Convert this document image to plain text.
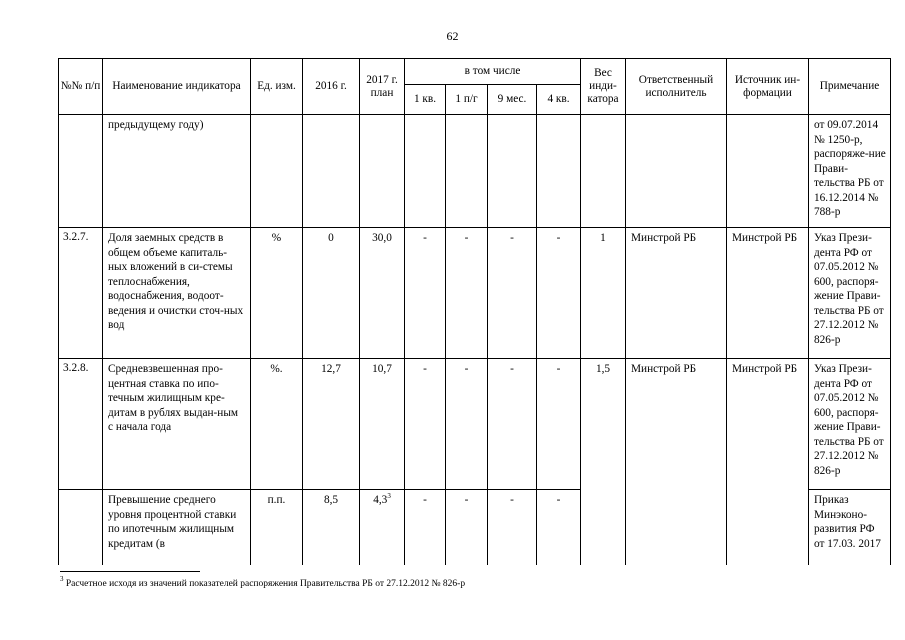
62
№№ п/п	Наименование индикатора	Ед. изм.	2016 г.	2017 г. план	в том числе				Вес инди-катора	Ответственный исполнитель	Источник ин-формации	Примечание
					1 кв.	1 п/г	9 мес.	4 кв.				
	предыдущему году)											от 09.07.2014 № 1250-р, распоряже-ние Прави-тельства РБ от 16.12.2014 № 788-р
3.2.7.	Доля заемных средств в общем объеме капиталь-ных вложений в си-стемы теплоснабжения, водоснабжения, водоот-ведения и очистки сточ-ных вод	%	0	30,0	-	-	-	-	1	Минстрой РБ	Минстрой РБ	Указ Прези-дента РФ от 07.05.2012 № 600, распоря-жение Прави-тельства РБ от 27.12.2012 № 826-р
3.2.8.	Средневзвешенная про-центная ставка по ипо-течным жилищным кре-дитам в рублях выдан-ным с начала года	%.	12,7	10,7	-	-	-	-	1,5	Минстрой РБ	Минстрой РБ	Указ Прези-дента РФ от 07.05.2012 № 600, распоря-жение Прави-тельства РБ от 27.12.2012 № 826-р
	Превышение среднего уровня процентной ставки по ипотечным жилищным кредитам (в	п.п.	8,5	$4,3^3$	-	-	-	-				Приказ Минэконо-развития РФ от 17.03. 2017
$^3$ Расчетное исходя из значений показателей распоряжения Правительства РБ от 27.12.2012 № 826-р
